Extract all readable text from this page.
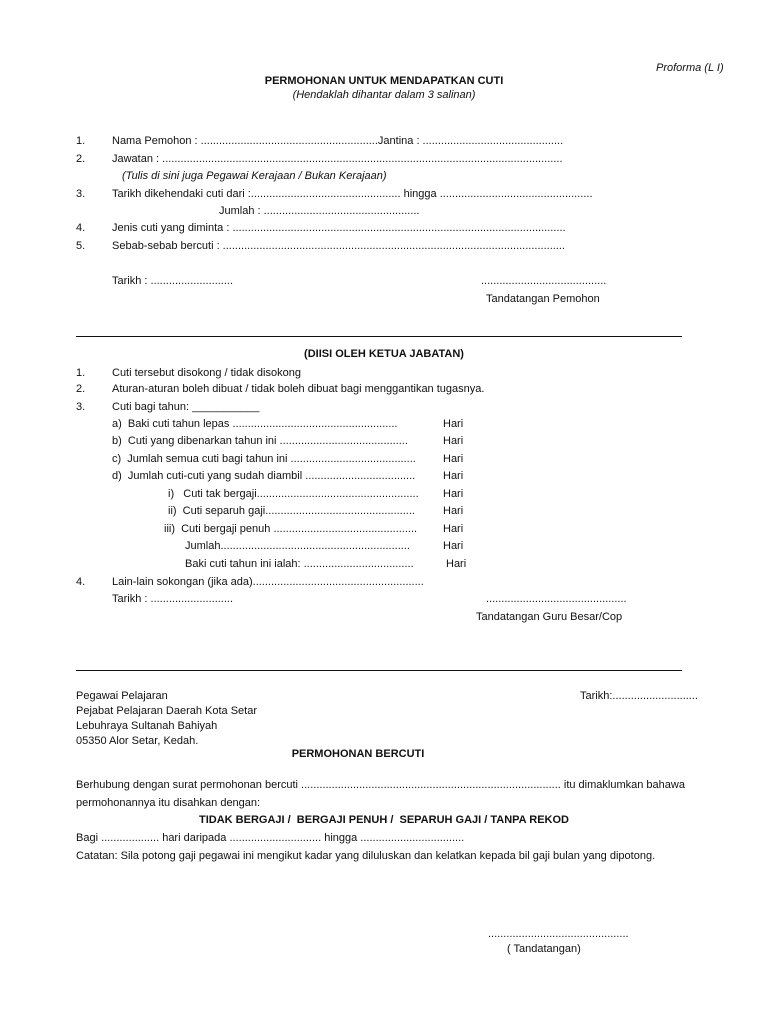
Proforma (L I)
PERMOHONAN UNTUK MENDAPATKAN CUTI
(Hendaklah dihantar dalam 3 salinan)
1. Nama Pemohon : ..........................................................Jantina : ..............................................
2. Jawatan : ...................................................................................................................................
(Tulis di sini juga Pegawai Kerajaan / Bukan Kerajaan)
3. Tarikh dikehendaki cuti dari :................................................. hingga ..................................................
Jumlah : ...................................................
4. Jenis cuti yang diminta : .............................................................................................................
5. Sebab-sebab bercuti : ................................................................................................................
Tarikh : ...........................	.........................................
Tandatangan Pemohon
(DIISI OLEH KETUA JABATAN)
1. Cuti tersebut disokong / tidak disokong
2. Aturan-aturan boleh dibuat / tidak boleh dibuat bagi menggantikan tugasnya.
3. Cuti bagi tahun: ___________
a)  Baki cuti tahun lepas ......................................................	Hari
b)  Cuti yang dibenarkan tahun ini ..........................................	Hari
c)  Jumlah semua cuti bagi tahun ini ......................................... Hari
d)  Jumlah cuti-cuti yang sudah diambil ....................................	Hari
i)   Cuti tak bergaji..................................................... Hari
ii)  Cuti separuh gaji.................................................	Hari
iii)  Cuti bergaji penuh ............................................... Hari
Jumlah..............................................................	Hari
Baki cuti tahun ini ialah: ....................................	Hari
4. Lain-lain sokongan (jika ada)........................................................
Tarikh : ...........................	..............................................
Tandatangan Guru Besar/Cop
Pegawai Pelajaran
Pejabat Pelajaran Daerah Kota Setar
Lebuhraya Sultanah Bahiyah
05350 Alor Setar, Kedah.
Tarikh:............................
PERMOHONAN BERCUTI
Berhubung dengan surat permohonan bercuti ..................................................................................... itu dimaklumkan bahawa
permohonannya itu disahkan dengan:
TIDAK BERGAJI /  BERGAJI PENUH /  SEPARUH GAJI / TANPA REKOD
Bagi ................... hari daripada .............................. hingga ..................................
Catatan: Sila potong gaji pegawai ini mengikut kadar yang diluluskan dan kelatkan kepada bil gaji bulan yang dipotong.
..............................................
( Tandatangan)
